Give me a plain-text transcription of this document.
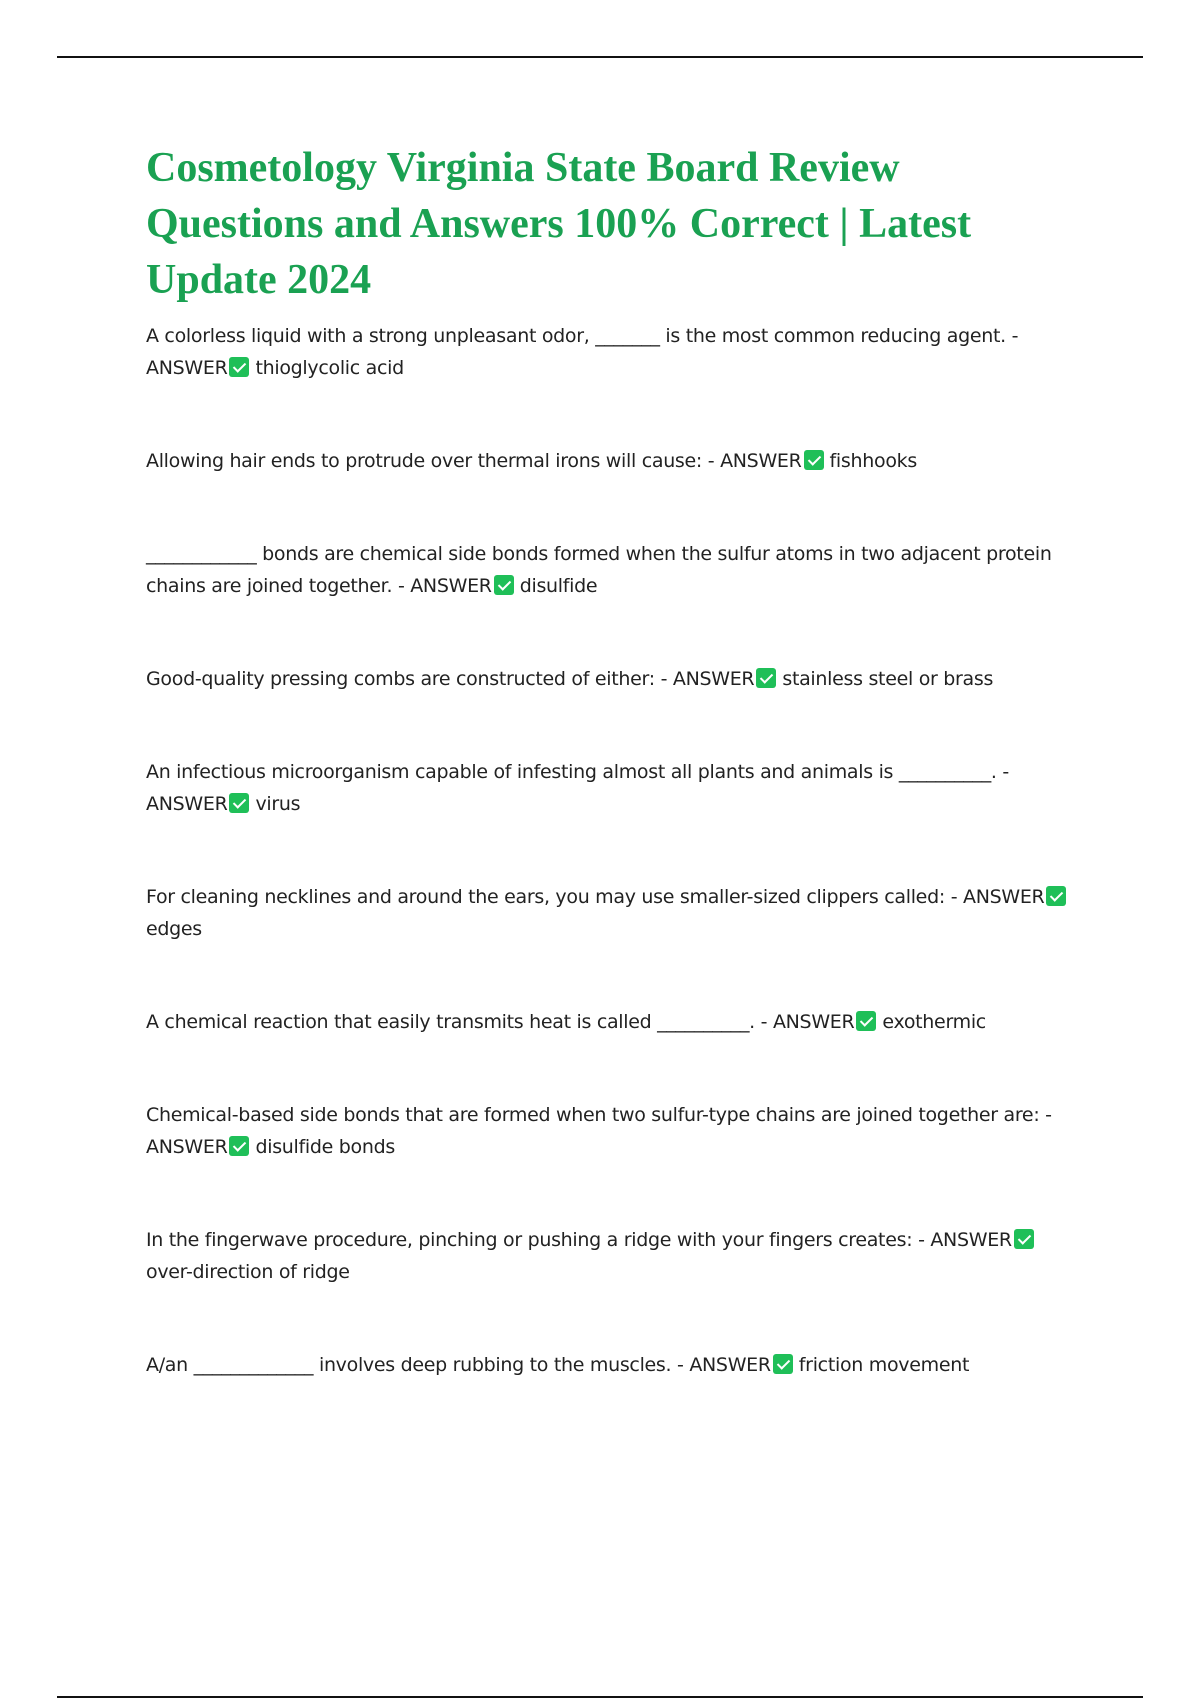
Cosmetology Virginia State Board Review Questions and Answers 100% Correct | Latest Update 2024

A colorless liquid with a strong unpleasant odor, _______ is the most common reducing agent. - ANSWER thioglycolic acid

Allowing hair ends to protrude over thermal irons will cause: - ANSWER fishhooks

____________ bonds are chemical side bonds formed when the sulfur atoms in two adjacent protein chains are joined together. - ANSWER disulfide

Good-quality pressing combs are constructed of either: - ANSWER stainless steel or brass

An infectious microorganism capable of infesting almost all plants and animals is __________. - ANSWER virus

For cleaning necklines and around the ears, you may use smaller-sized clippers called: - ANSWERedges

A chemical reaction that easily transmits heat is called __________. - ANSWER exothermic

Chemical-based side bonds that are formed when two sulfur-type chains are joined together are: - ANSWER disulfide bonds

In the fingerwave procedure, pinching or pushing a ridge with your fingers creates: - ANSWERover-direction of ridge

A/an _____________ involves deep rubbing to the muscles. - ANSWER friction movement
